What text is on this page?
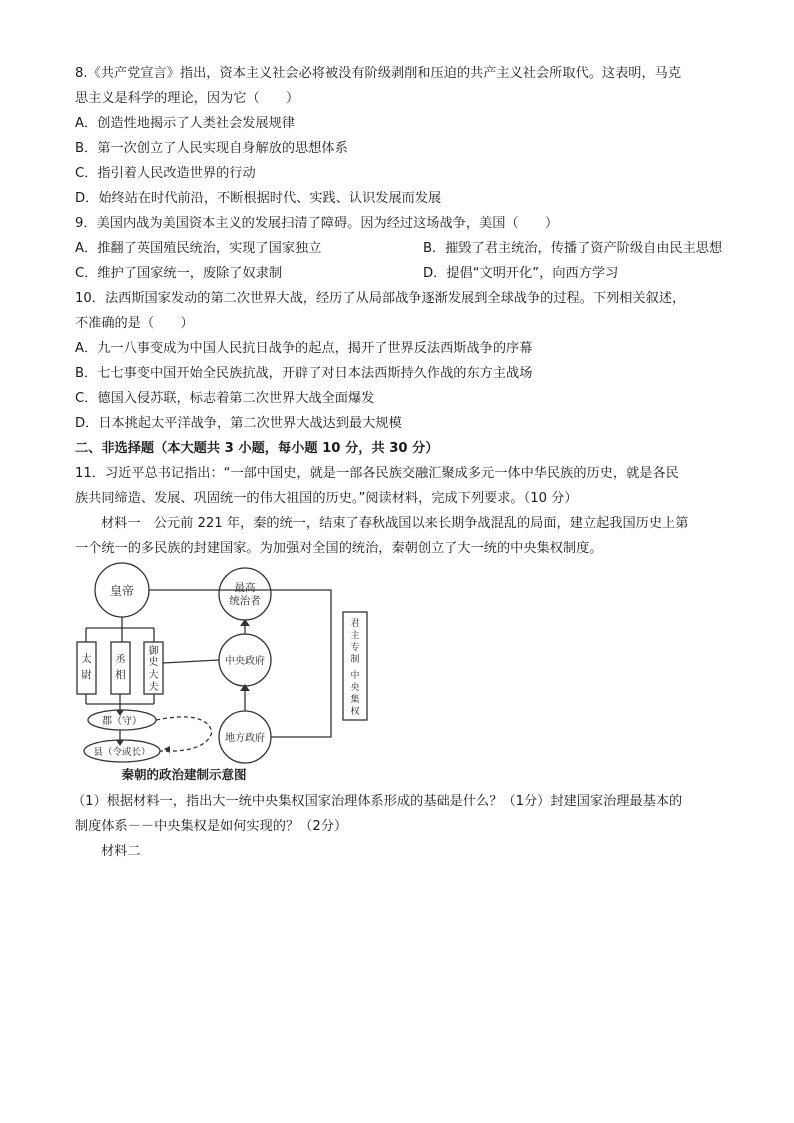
8.《共产党宣言》指出，资本主义社会必将被没有阶级剥削和压迫的共产主义社会所取代。这表明，马克
思主义是科学的理论，因为它（　　）
A．创造性地揭示了人类社会发展规律
B．第一次创立了人民实现自身解放的思想体系
C．指引着人民改造世界的行动
D．始终站在时代前沿，不断根据时代、实践、认识发展而发展
9．美国内战为美国资本主义的发展扫清了障碍。因为经过这场战争，美国（　　）
A．推翻了英国殖民统治，实现了国家独立	B．摧毁了君主统治，传播了资产阶级自由民主思想
C．维护了国家统一，废除了奴隶制	D．提倡“文明开化”，向西方学习
10．法西斯国家发动的第二次世界大战，经历了从局部战争逐渐发展到全球战争的过程。下列相关叙述，
不准确的是（　　）
A．九一八事变成为中国人民抗日战争的起点，揭开了世界反法西斯战争的序幕
B．七七事变中国开始全民族抗战，开辟了对日本法西斯持久作战的东方主战场
C．德国入侵苏联，标志着第二次世界大战全面爆发
D．日本挑起太平洋战争，第二次世界大战达到最大规模
二、非选择题（本大题共 3 小题，每小题 10 分，共 30 分）
11．习近平总书记指出：“一部中国史，就是一部各民族交融汇聚成多元一体中华民族的历史，就是各民
族共同缔造、发展、巩固统一的伟大祖国的历史。”阅读材料，完成下列要求。（10 分）
材料一　公元前 221 年，秦的统一，结束了春秋战国以来长期争战混乱的局面，建立起我国历史上第
一个统一的多民族的封建国家。为加强对全国的统治，秦朝创立了大一统的中央集权制度。
皇帝	最高
统治者
中央政府
地方政府
太
尉
丞
相
御
史
大
夫
郡（守）
县（令或长）
君
主
专
制
中
央
集
权
秦朝的政治建制示意图
（1）根据材料一，指出大一统中央集权国家治理体系形成的基础是什么？（1分）封建国家治理最基本的
制度体系－－中央集权是如何实现的？（2分）
材料二
